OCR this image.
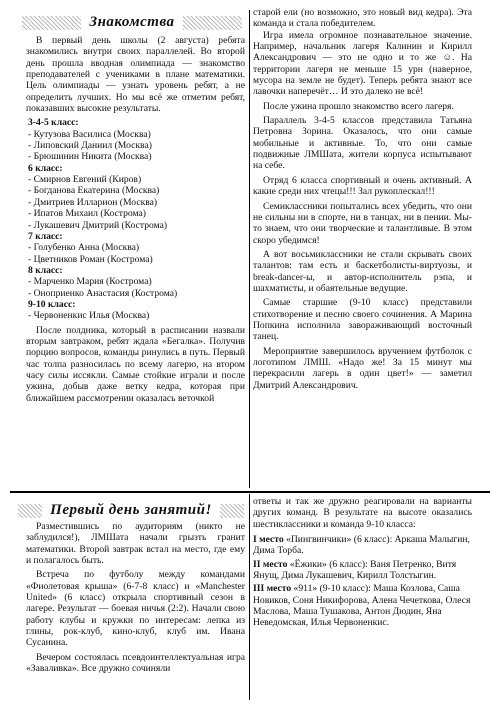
Знакомства

В первый день школы (2 августа) ребята знакомились внутри своих параллелей. Во второй день прошла вводная олимпиада — знакомство преподавателей с учениками в плане математики. Цель олимпиады — узнать уровень ребят, а не определить лучших. Но мы всё же отметим ребят, показавших высокие результаты.

3-4-5 класс:
- Кутузова Василиса (Москва)
- Липовский Даниил (Москва)
- Брюшинин Никита (Москва)
6 класс:
- Смирнов Евгений (Киров)
- Богданова Екатерина (Москва)
- Дмитриев Илларион (Москва)
- Ипатов Михаил (Кострома)
- Лукашевич Дмитрий (Кострома)
7 класс:
- Голубенко Анна (Москва)
- Цветников Роман (Кострома)
8 класс:
- Марченко Мария (Кострома)
- Оноприенко Анастасия (Кострома)
9-10 класс:
- Червоненкис Илья (Москва)

После полдника, который в расписании назвали вторым завтраком, ребят ждала «Бегалка». Получив порцию вопросов, команды ринулись в путь. Первый час толпа разносилась по всему лагерю, на втором часу силы иссякли. Самые стойкие играли и после ужина, добыв даже ветку кедра, которая при ближайшем рассмотрении оказалась веточкой

старой ели (но возможно, это новый вид кедра). Эта команда и стала победителем.

Игра имела огромное познавательное значение. Например, начальник лагеря Калинин и Кирилл Александрович — это не одно и то же ☺. На территории лагеря не меньше 15 урн (наверное, мусора на земле не будет). Теперь ребята знают все лавочки наперечёт… И это далеко не всё!

После ужина прошло знакомство всего лагеря.

Параллель 3-4-5 классов представила Татьяна Петровна Зорина. Оказалось, что они самые мобильные и активные. То, что они самые подвижные ЛМШата, жители корпуса испытывают на себе.

Отряд 6 класса спортивный и очень активный. А какие среди них чтецы!!! Зал рукоплескал!!!

Семиклассники попытались всех убедить, что они не сильны ни в спорте, ни в танцах, ни в пении. Мы-то знаем, что они творческие и талантливые. В этом скоро убедимся!

А вот восьмиклассники не стали скрывать своих талантов: там есть и баскетболисты-виртуозы, и break-dancer-ы, и автор-исполнитель рэпа, и шахматисты, и обаятельные ведущие.

Самые старшие (9-10 класс) представили стихотворение и песню своего сочинения. А Марина Попкина исполнила завораживающий восточный танец.

Мероприятие завершилось вручением футболок с логотипом ЛМШ. «Надо же! За 15 минут мы перекрасили лагерь в один цвет!» — заметил Дмитрий Александрович.

Первый день занятий!

Разместившись по аудиториям (никто не заблудился!), ЛМШата начали грызть гранит математики. Второй завтрак встал на место, где ему и полагалось быть.

Встреча по футболу между командами «Фиолетовая крыша» (6-7-8 класс) и «Manchester United» (6 класс) открыла спортивный сезон в лагере. Результат — боевая ничья (2:2). Начали свою работу клубы и кружки по интересам: лепка из глины, рок-клуб, кино-клуб, клуб им. Ивана Сусанина.

Вечером состоялась псевдоинтеллектуальная игра «Заваливка». Все дружно сочиняли

ответы и так же дружно реагировали на варианты других команд. В результате на высоте оказались шестиклассники и команда 9-10 класса:

I место «Пингвинчики» (6 класс): Аркаша Малыгин, Дима Торба.
II место «Ёжики» (6 класс): Ваня Петренко, Витя Янущ, Дима Лукашевич, Кирилл Толстыгин.
III место «911» (9-10 класс): Маша Козлова, Саша Новиков, Соня Никифорова, Алена Чечеткова, Олеся Маслова, Маша Тушакова, Антон Дюдин, Яна Неведомская, Илья Червоненкис.
